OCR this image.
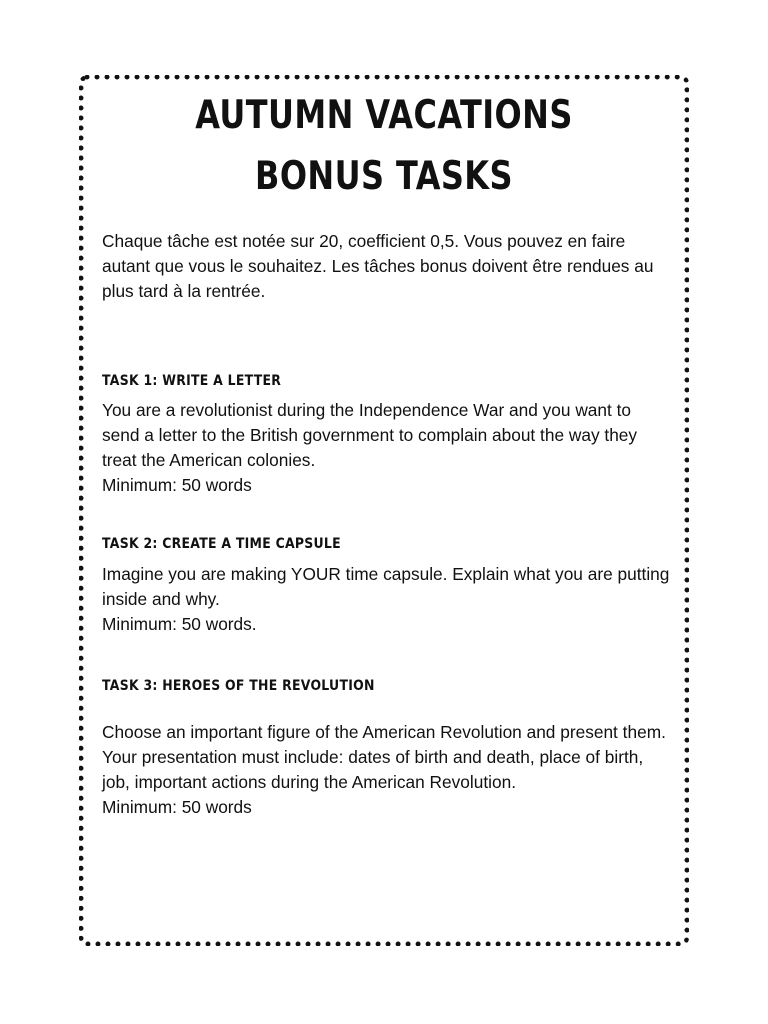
AUTUMN VACATIONS
BONUS TASKS

Chaque tâche est notée sur 20, coefficient 0,5. Vous pouvez en faire autant que vous le souhaitez. Les tâches bonus doivent être rendues au plus tard à la rentrée.

TASK 1: WRITE A LETTER

You are a revolutionist during the Independence War and you want to send a letter to the British government to complain about the way they treat the American colonies.

Minimum: 50 words
TASK 2: CREATE A TIME CAPSULE

Imagine you are making YOUR time capsule. Explain what you are putting inside and why.

Minimum: 50 words.
TASK 3: HEROES OF THE REVOLUTION

Choose an important figure of the American Revolution and present them. Your presentation must include: dates of birth and death, place of birth, job, important actions during the American Revolution.

Minimum: 50 words
